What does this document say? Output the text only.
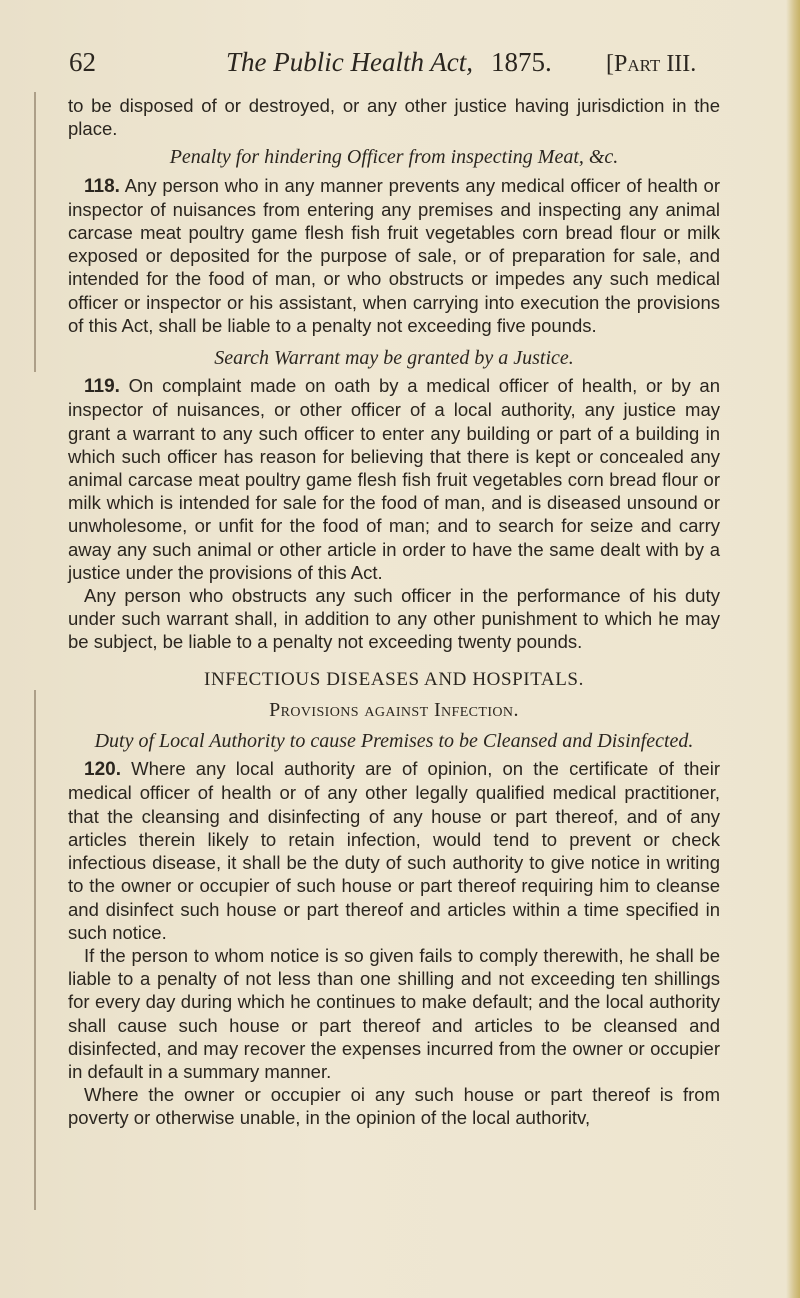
62	The Public Health Act, 1875. [Part III.

to be disposed of or destroyed, or any other justice having jurisdiction in the place.

Penalty for hindering Officer from inspecting Meat, &c.

118. Any person who in any manner prevents any medical officer of health or inspector of nuisances from entering any premises and inspecting any animal carcase meat poultry game flesh fish fruit vegetables corn bread flour or milk exposed or deposited for the purpose of sale, or of preparation for sale, and intended for the food of man, or who obstructs or impedes any such medical officer or inspector or his assistant, when carrying into execution the provisions of this Act, shall be liable to a penalty not exceeding five pounds.

Search Warrant may be granted by a Justice.

119. On complaint made on oath by a medical officer of health, or by an inspector of nuisances, or other officer of a local authority, any justice may grant a warrant to any such officer to enter any building or part of a building in which such officer has reason for believing that there is kept or concealed any animal carcase meat poultry game flesh fish fruit vegetables corn bread flour or milk which is intended for sale for the food of man, and is diseased unsound or unwholesome, or unfit for the food of man; and to search for seize and carry away any such animal or other article in order to have the same dealt with by a justice under the provisions of this Act.

Any person who obstructs any such officer in the performance of his duty under such warrant shall, in addition to any other punishment to which he may be subject, be liable to a penalty not exceeding twenty pounds.

INFECTIOUS DISEASES AND HOSPITALS.
Provisions against Infection.
Duty of Local Authority to cause Premises to be Cleansed and Disinfected.

120. Where any local authority are of opinion, on the certificate of their medical officer of health or of any other legally qualified medical practitioner, that the cleansing and disinfecting of any house or part thereof, and of any articles therein likely to retain infection, would tend to prevent or check infectious disease, it shall be the duty of such authority to give notice in writing to the owner or occupier of such house or part thereof requiring him to cleanse and disinfect such house or part thereof and articles within a time specified in such notice.

If the person to whom notice is so given fails to comply therewith, he shall be liable to a penalty of not less than one shilling and not exceeding ten shillings for every day during which he continues to make default; and the local authority shall cause such house or part thereof and articles to be cleansed and disinfected, and may recover the expenses incurred from the owner or occupier in default in a summary manner.

Where the owner or occupier oi any such house or part thereof is from poverty or otherwise unable, in the opinion of the local authoritv,
